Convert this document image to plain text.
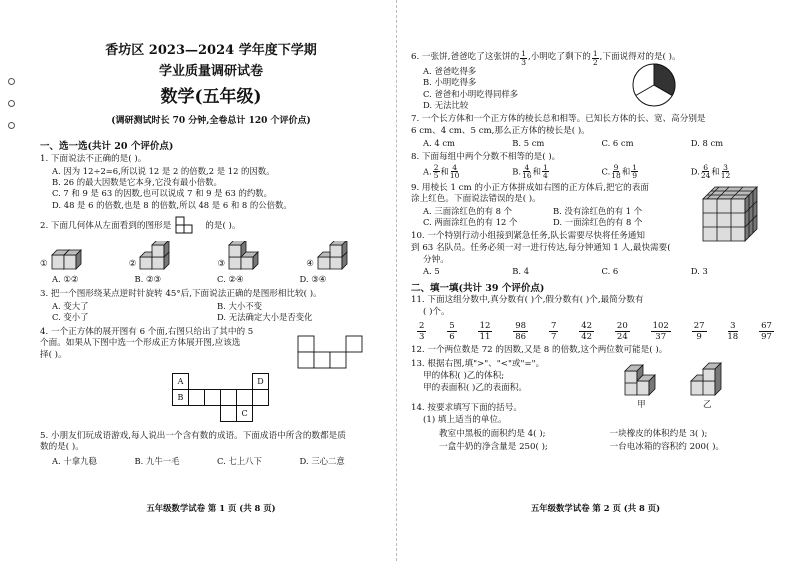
香坊区 2023—2024 学年度下学期
学业质量调研试卷
数学(五年级)
(调研测试时长 70 分钟,全卷总计 120 个评价点)
一、选一选(共计 20 个评价点)
1. 下面说法不正确的是( )。
A. 因为 12÷2=6,所以说 12 是 2 的倍数,2 是 12 的因数。
B. 26 的最大因数是它本身,它没有最小倍数。
C. 7 和 9 是 63 的因数,也可以说成 7 和 9 是 63 的约数。
D. 48 是 6 的倍数,也是 8 的倍数,所以 48 是 6 和 8 的公倍数。
2. 下面几何体从左面看到的图形是	的是( )。
①	②	③	④
A. ①②	B. ②③	C. ②④	D. ③④
3. 把一个图形绕某点逆时针旋转 45°后,下面说法正确的是图形相比较( )。
A. 变大了	B. 大小不变
C. 变小了	D. 无法确定大小是否变化
4. 一个正方体的展开图有 6 个面,右图只给出了其中的 5
个面。如果从下图中选一个形成正方体展开图,应该选
择( )。
A
B
D
C
5. 小朋友们玩成语游戏,每人说出一个含有数的成语。下面成语中所含的数都是质
数的是( )。
A. 十拿九稳	B. 九牛一毛	C. 七上八下	D. 三心二意
五年级数学试卷 第 1 页 (共 8 页)
6. 一张饼,爸爸吃了这张饼的 $\frac{1}{3}$ ,小明吃了剩下的 $\frac{1}{2}$ ,下面说得对的是( )。
A. 爸爸吃得多
B. 小明吃得多
C. 爸爸和小明吃得同样多
D. 无法比较
7. 一个长方体和一个正方体的棱长总和相等。已知长方体的长、宽、高分别是
6 cm、4 cm、5 cm,那么正方体的棱长是( )。
A. 4 cm	B. 5 cm	C. 6 cm	D. 8 cm
8. 下面每组中两个分数不相等的是( )。
A. $\frac{2}{5}$ 和 $\frac{4}{10}$	B. $\frac{4}{16}$ 和 $\frac{1}{4}$	C. $\frac{9}{18}$ 和 $\frac{1}{9}$	D. $\frac{6}{24}$ 和 $\frac{3}{12}$
9. 用棱长 1 cm 的小正方体拼成如右图的正方体后,把它的表面
涂上红色。下面说法错误的是( )。
A. 三面涂红色的有 8 个	B. 没有涂红色的有 1 个
C. 两面涂红色的有 12 个	D. 一面涂红色的有 8 个
10. 一个特别行动小组接到紧急任务,队长需要尽快将任务通知
到 63 名队员。任务必须一对一进行传达,每分钟通知 1 人,最快需要(
分钟。
A. 5	B. 4	C. 6	D. 3
二、填一填(共计 39 个评价点)
11. 下面这组分数中,真分数有( )个,假分数有( )个,最简分数有
( )个。
2
3
5
6
12
11
98
86
7
7
42
42
20
24
102
37
27
9
3
18
67
97
12. 一个两位数是 72 的因数,又是 8 的倍数,这个两位数可能是( )。
13. 根据右图,填">"、"<"或"="。
甲的体积( )乙的体积;
甲的表面积( )乙的表面积。
甲	乙
14. 按要求填写下面的括号。
(1) 填上适当的单位。
教室中黑板的面积约是 4( );	一块橡皮的体积约是 3( );
一盒牛奶的净含量是 250( );	一台电冰箱的容积约 200( )。
五年级数学试卷 第 2 页 (共 8 页)
